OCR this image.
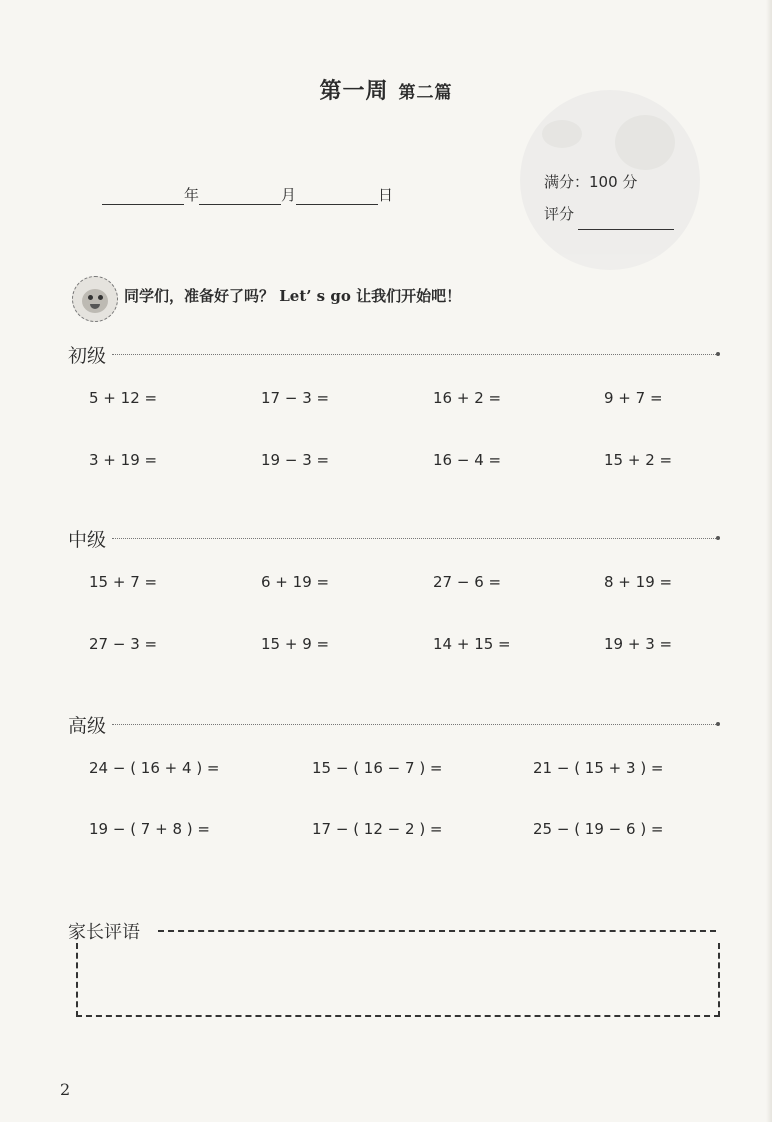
第一周 第二篇
年	月	日
满分：100 分
评分
同学们，准备好了吗？ Let’ s go 让我们开始吧！
初级
5 + 12 =	17 − 3 =	16 + 2 =	9 + 7 =
3 + 19 =	19 − 3 =	16 − 4 =	15 + 2 =
中级
15 + 7 =	6 + 19 =	27 − 6 =	8 + 19 =
27 − 3 =	15 + 9 =	14 + 15 =	19 + 3 =
高级
24 − ( 16 + 4 ) =	15 − ( 16 − 7 ) =	21 − ( 15 + 3 ) =
19 − ( 7 + 8 ) =	17 − ( 12 − 2 ) =	25 − ( 19 − 6 ) =
家长评语
2
